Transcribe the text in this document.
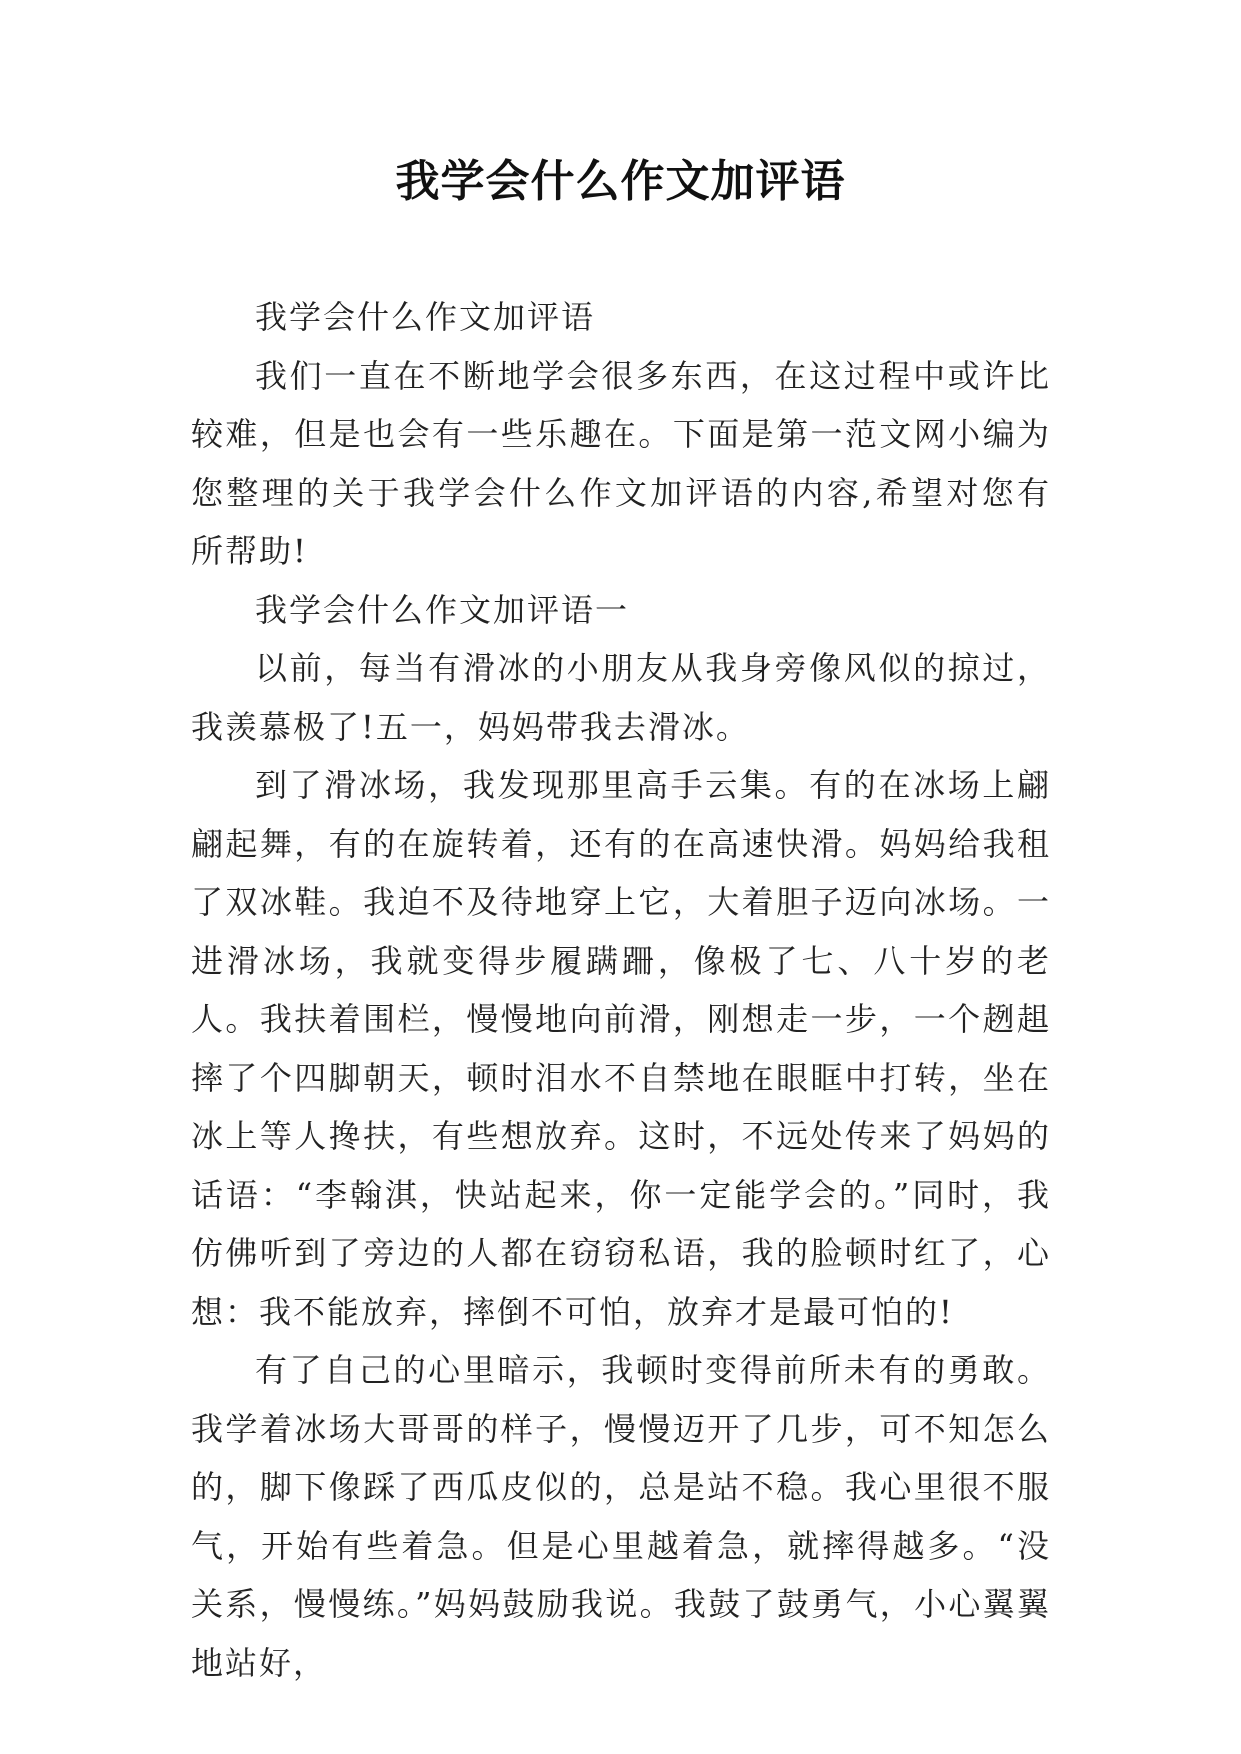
我学会什么作文加评语

我学会什么作文加评语

我们一直在不断地学会很多东西，在这过程中或许比较难，但是也会有一些乐趣在。下面是第一范文网小编为您整理的关于我学会什么作文加评语的内容,希望对您有所帮助!

我学会什么作文加评语一

以前，每当有滑冰的小朋友从我身旁像风似的掠过，我羡慕极了!五一，妈妈带我去滑冰。

到了滑冰场，我发现那里高手云集。有的在冰场上翩翩起舞，有的在旋转着，还有的在高速快滑。妈妈给我租了双冰鞋。我迫不及待地穿上它，大着胆子迈向冰场。一进滑冰场，我就变得步履蹒跚，像极了七、八十岁的老人。我扶着围栏，慢慢地向前滑，刚想走一步，一个趔趄摔了个四脚朝天，顿时泪水不自禁地在眼眶中打转，坐在冰上等人搀扶，有些想放弃。这时，不远处传来了妈妈的话语：“李翰淇，快站起来，你一定能学会的。”同时，我仿佛听到了旁边的人都在窃窃私语，我的脸顿时红了，心想：我不能放弃，摔倒不可怕，放弃才是最可怕的!

有了自己的心里暗示，我顿时变得前所未有的勇敢。我学着冰场大哥哥的样子，慢慢迈开了几步，可不知怎么的，脚下像踩了西瓜皮似的，总是站不稳。我心里很不服气，开始有些着急。但是心里越着急，就摔得越多。“没关系，慢慢练。”妈妈鼓励我说。我鼓了鼓勇气，小心翼翼地站好，
